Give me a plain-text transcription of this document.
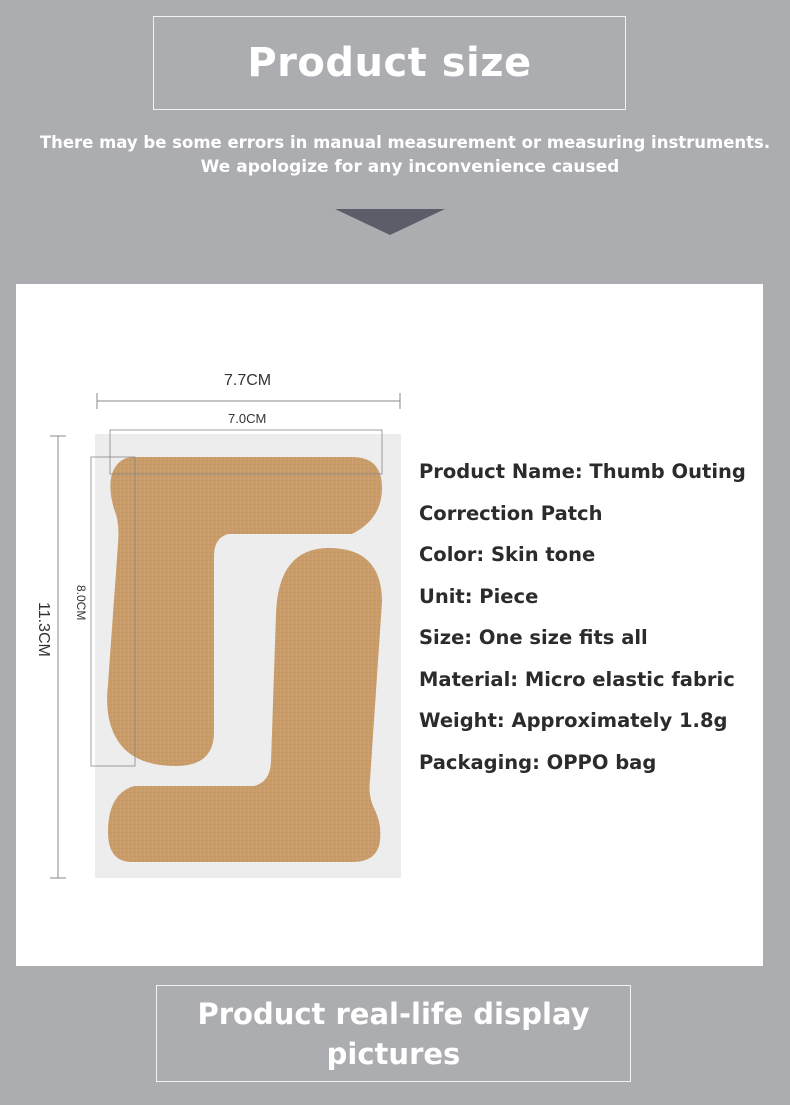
Product size
There may be some errors in manual measurement or measuring instruments.
We apologize for any inconvenience caused
7.7CM
7.0CM
11.3CM 8.0CM
Product Name: Thumb Outing
Correction Patch
Color: Skin tone
Unit: Piece
Size: One size fits all
Material: Micro elastic fabric
Weight: Approximately 1.8g
Packaging: OPPO bag
Product real-life display pictures
